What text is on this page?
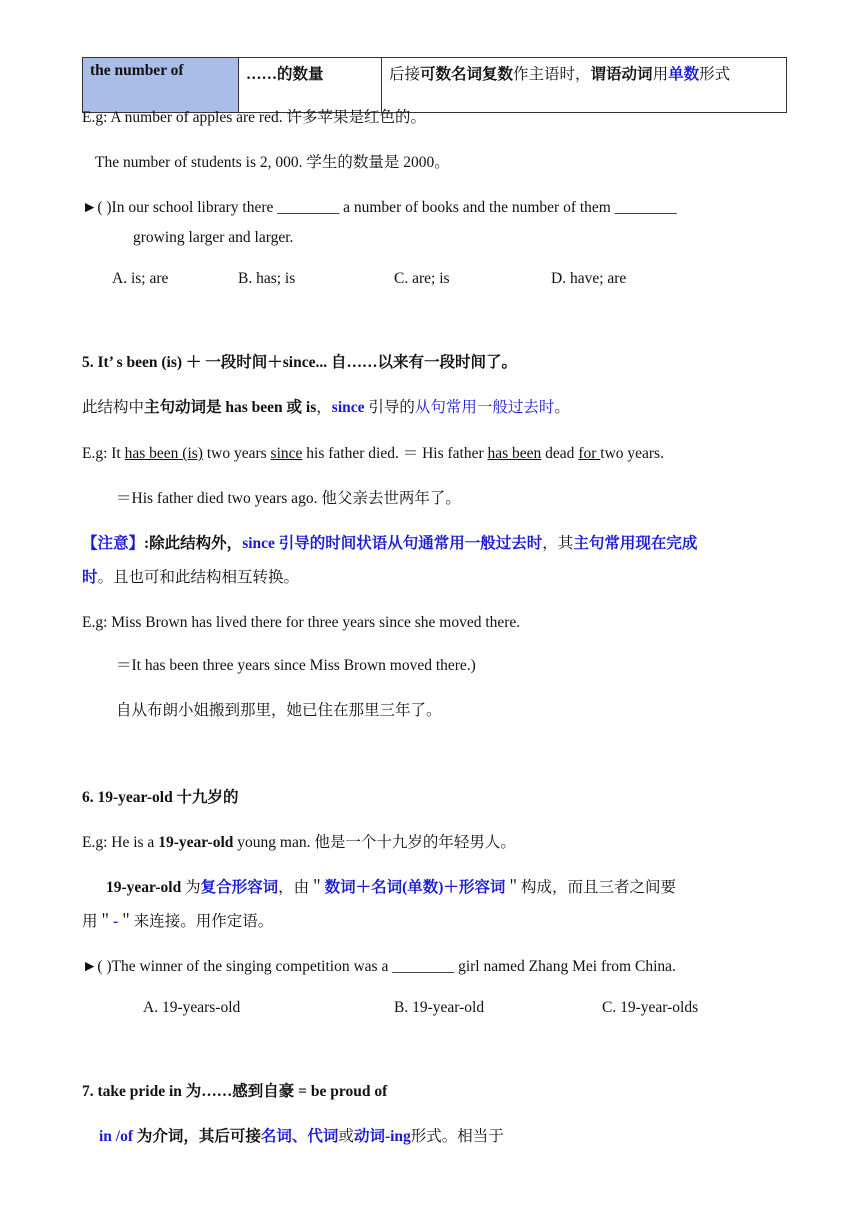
the number of	……的数量	后接可数名词复数作主语时，谓语动词用单数形式
E.g: A number of apples are red. 许多苹果是红色的。
The number of students is 2, 000. 学生的数量是 2000。
►( )In our school library there ________ a number of books and the number of them ________
growing larger and larger.
A. is; are	B. has; is	C. are; is	D. have; are
5. It’ s been (is) ＋ 一段时间＋since... 自……以来有一段时间了。
此结构中主句动词是 has been 或 is，since 引导的从句常用一般过去时。
E.g: It has been (is) two years since his father died. ＝ His father has been dead for two years.
＝His father died two years ago. 他父亲去世两年了。
【注意】:除此结构外，since 引导的时间状语从句通常用一般过去时，其主句常用现在完成
时。且也可和此结构相互转换。
E.g: Miss Brown has lived there for three years since she moved there.
＝It has been three years since Miss Brown moved there.)
自从布朗小姐搬到那里，她已住在那里三年了。
6. 19-year-old 十九岁的
E.g: He is a 19-year-old young man. 他是一个十九岁的年轻男人。
19-year-old 为复合形容词，由＂数词＋名词(单数)＋形容词＂构成，而且三者之间要
用＂-＂来连接。用作定语。
►( )The winner of the singing competition was a ________ girl named Zhang Mei from China.
A. 19-years-old	B. 19-year-old	C. 19-year-olds
7. take pride in 为……感到自豪 = be proud of
in /of 为介词，其后可接名词、代词或动词-ing形式。相当于
